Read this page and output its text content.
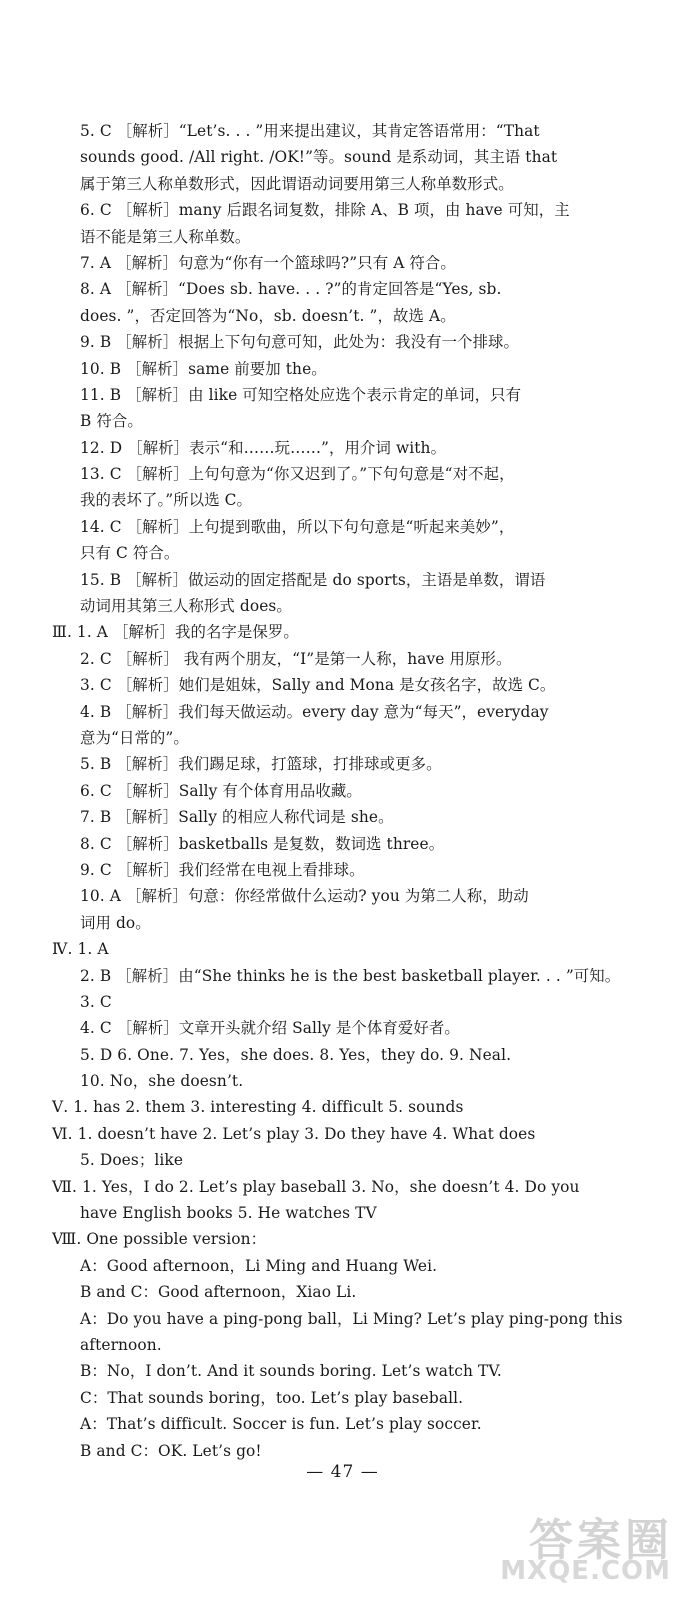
5. C ［解析］“Let’s. . . ”用来提出建议，其肯定答语常用：“That
sounds good. /All right. /OK!”等。sound 是系动词，其主语 that
属于第三人称单数形式，因此谓语动词要用第三人称单数形式。
6. C ［解析］many 后跟名词复数，排除 A、B 项，由 have 可知，主
语不能是第三人称单数。
7. A ［解析］句意为“你有一个篮球吗?”只有 A 符合。
8. A ［解析］“Does sb. have. . . ?”的肯定回答是“Yes, sb.
does. ”，否定回答为“No，sb. doesn’t. ”，故选 A。
9. B ［解析］根据上下句句意可知，此处为：我没有一个排球。
10. B ［解析］same 前要加 the。
11. B ［解析］由 like 可知空格处应选个表示肯定的单词，只有
B 符合。
12. D ［解析］表示“和……玩……”，用介词 with。
13. C ［解析］上句句意为“你又迟到了。”下句句意是“对不起，
我的表坏了。”所以选 C。
14. C ［解析］上句提到歌曲，所以下句句意是“听起来美妙”，
只有 C 符合。
15. B ［解析］做运动的固定搭配是 do sports，主语是单数，谓语
动词用其第三人称形式 does。
Ⅲ. 1. A ［解析］我的名字是保罗。
2. C ［解析］ 我有两个朋友，“I”是第一人称，have 用原形。
3. C ［解析］她们是姐妹，Sally and Mona 是女孩名字，故选 C。
4. B ［解析］我们每天做运动。every day 意为“每天”，everyday
意为“日常的”。
5. B ［解析］我们踢足球，打篮球，打排球或更多。
6. C ［解析］Sally 有个体育用品收藏。
7. B ［解析］Sally 的相应人称代词是 she。
8. C ［解析］basketballs 是复数，数词选 three。
9. C ［解析］我们经常在电视上看排球。
10. A ［解析］句意：你经常做什么运动? you 为第二人称，助动
词用 do。
Ⅳ. 1. A
2. B ［解析］由“She thinks he is the best basketball player. . . ”可知。
3. C
4. C ［解析］文章开头就介绍 Sally 是个体育爱好者。
5. D 6. One. 7. Yes，she does. 8. Yes，they do. 9. Neal.
10. No，she doesn’t.
Ⅴ. 1. has 2. them 3. interesting 4. difficult 5. sounds
Ⅵ. 1. doesn’t have 2. Let’s play 3. Do they have 4. What does
5. Does；like
Ⅶ. 1. Yes，I do 2. Let’s play baseball 3. No，she doesn’t 4. Do you
have English books 5. He watches TV
Ⅷ. One possible version：
A：Good afternoon，Li Ming and Huang Wei.
B and C：Good afternoon，Xiao Li.
A：Do you have a ping-pong ball，Li Ming? Let’s play ping-pong this
afternoon.
B：No，I don’t. And it sounds boring. Let’s watch TV.
C：That sounds boring，too. Let’s play baseball.
A：That’s difficult. Soccer is fun. Let’s play soccer.
B and C：OK. Let’s go!
— 47 —
答案圈
MXQE.COM
